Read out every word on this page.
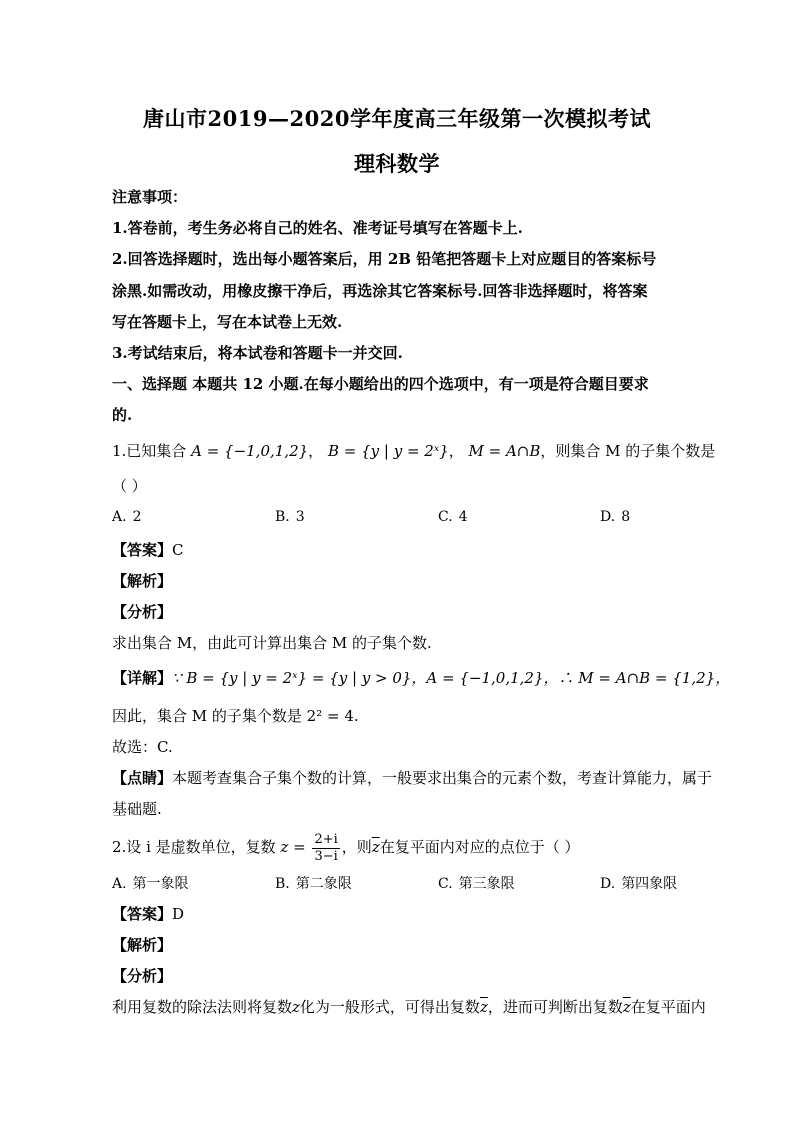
唐山市2019—2020学年度高三年级第一次模拟考试
理科数学
注意事项：
1.答卷前，考生务必将自己的姓名、准考证号填写在答题卡上.
2.回答选择题时，选出每小题答案后，用 2B 铅笔把答题卡上对应题目的答案标号
涂黑.如需改动，用橡皮擦干净后，再选涂其它答案标号.回答非选择题时，将答案
写在答题卡上，写在本试卷上无效.
3.考试结束后，将本试卷和答题卡一并交回.
一、选择题 本题共 12 小题.在每小题给出的四个选项中，有一项是符合题目要求
的.
1.已知集合 A = {−1,0,1,2}， B = {y | y = 2ˣ}， M = A∩B，则集合 M 的子集个数是
（ ）
A. 2	B. 3	C. 4	D. 8
【答案】C
【解析】
【分析】
求出集合 M，由此可计算出集合 M 的子集个数.
【详解】∵ B = {y | y = 2ˣ} = {y | y > 0}，A = {−1,0,1,2}，∴ M = A∩B = {1,2}，
因此，集合 M 的子集个数是 2² = 4.
故选：C.
【点睛】本题考查集合子集个数的计算，一般要求出集合的元素个数，考查计算能力，属于
基础题.
2.设 i 是虚数单位，复数 $z = \frac{2+i}{3-i}$ ，则$\overline{z}$在复平面内对应的点位于（ ）
A. 第一象限	B. 第二象限	C. 第三象限	D. 第四象限
【答案】D
【解析】
【分析】
利用复数的除法法则将复数z化为一般形式，可得出复数$\overline{z}$，进而可判断出复数$\overline{z}$在复平面内
